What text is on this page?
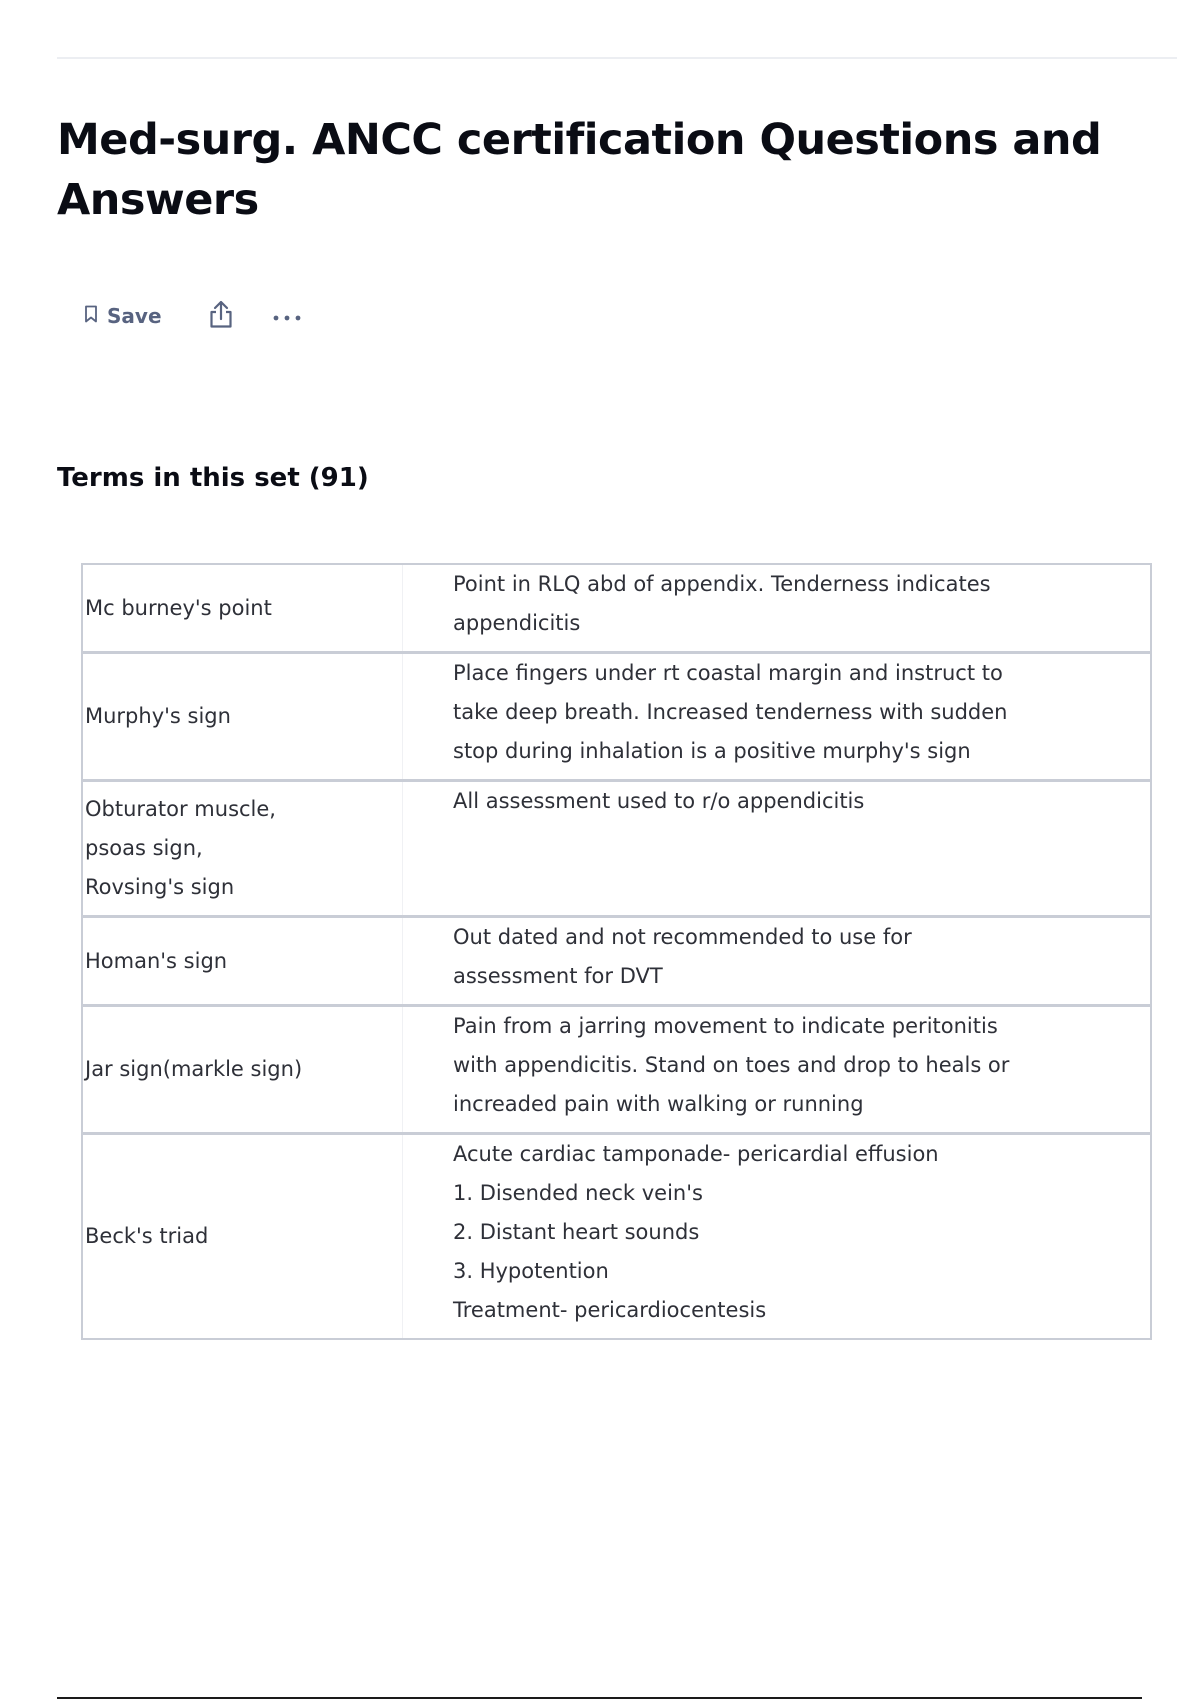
Med-surg. ANCC certification Questions and Answers
Save
Terms in this set (91)
Mc burney's point
Point in RLQ abd of appendix. Tenderness indicates
appendicitis
Murphy's sign
Place fingers under rt coastal margin and instruct to
take deep breath. Increased tenderness with sudden
stop during inhalation is a positive murphy's sign
Obturator muscle,
psoas sign,
Rovsing's sign
All assessment used to r/o appendicitis
Homan's sign
Out dated and not recommended to use for
assessment for DVT
Jar sign(markle sign)
Pain from a jarring movement to indicate peritonitis
with appendicitis. Stand on toes and drop to heals or
increaded pain with walking or running
Beck's triad
Acute cardiac tamponade- pericardial effusion
1. Disended neck vein's
2. Distant heart sounds
3. Hypotention
Treatment- pericardiocentesis
